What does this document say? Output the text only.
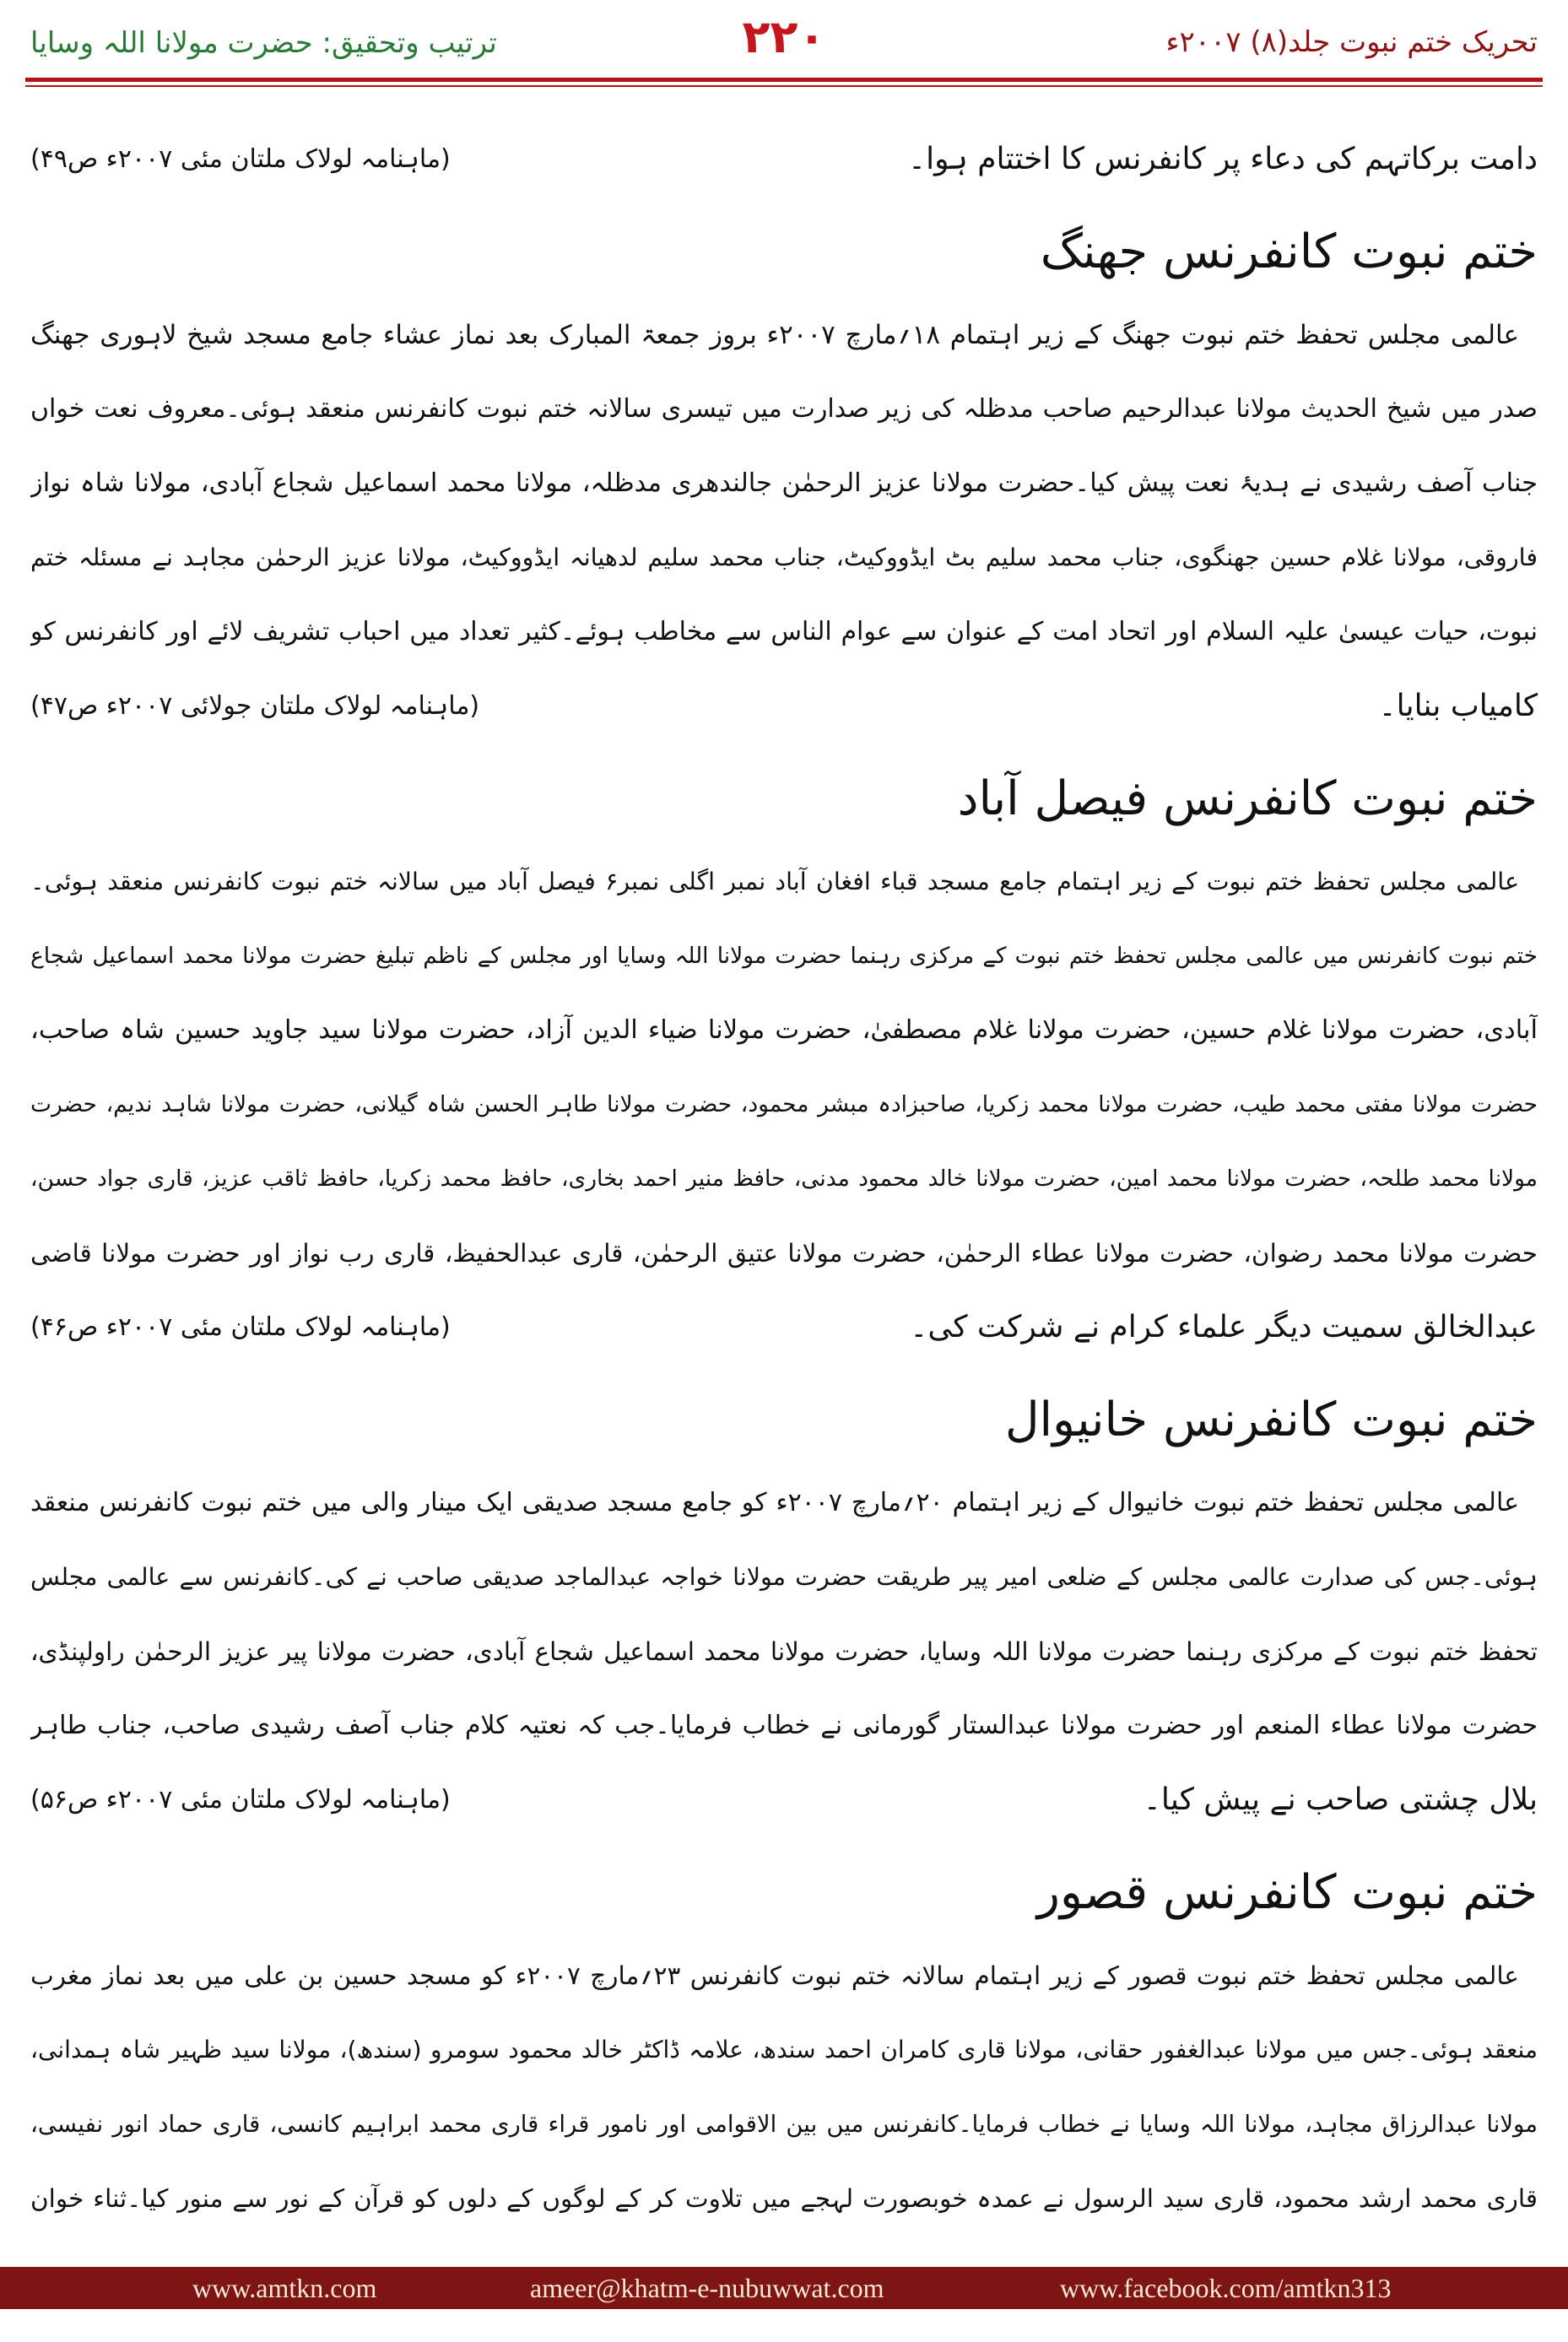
تحریک ختم نبوت جلد(۸) ۲۰۰۷ء
۲۲۰
ترتیب وتحقیق: حضرت مولانا اللہ وسایا
دامت برکاتہم کی دعاء پر کانفرنس کا اختتام ہوا۔
(ماہنامہ لولاک ملتان مئی ۲۰۰۷ء ص۴۹)
ختم نبوت کانفرنس جھنگ
عالمی مجلس تحفظ ختم نبوت جھنگ کے زیر اہتمام ۱۸؍مارچ ۲۰۰۷ء بروز جمعۃ المبارک بعد نماز عشاء جامع مسجد شیخ لاہوری جھنگ
صدر میں شیخ الحدیث مولانا عبدالرحیم صاحب مدظلہ کی زیر صدارت میں تیسری سالانہ ختم نبوت کانفرنس منعقد ہوئی۔معروف نعت خواں
جناب آصف رشیدی نے ہدیۂ نعت پیش کیا۔حضرت مولانا عزیز الرحمٰن جالندھری مدظلہ، مولانا محمد اسماعیل شجاع آبادی، مولانا شاہ نواز
فاروقی، مولانا غلام حسین جھنگوی، جناب محمد سلیم بٹ ایڈووکیٹ، جناب محمد سلیم لدھیانہ ایڈووکیٹ، مولانا عزیز الرحمٰن مجاہد نے مسئلہ ختم
نبوت، حیات عیسیٰ علیہ السلام اور اتحاد امت کے عنوان سے عوام الناس سے مخاطب ہوئے۔کثیر تعداد میں احباب تشریف لائے اور کانفرنس کو
کامیاب بنایا۔
(ماہنامہ لولاک ملتان جولائی ۲۰۰۷ء ص۴۷)
ختم نبوت کانفرنس فیصل آباد
عالمی مجلس تحفظ ختم نبوت کے زیر اہتمام جامع مسجد قباء افغان آباد نمبر اگلی نمبر۶ فیصل آباد میں سالانہ ختم نبوت کانفرنس منعقد ہوئی۔
ختم نبوت کانفرنس میں عالمی مجلس تحفظ ختم نبوت کے مرکزی رہنما حضرت مولانا اللہ وسایا اور مجلس کے ناظم تبلیغ حضرت مولانا محمد اسماعیل شجاع
آبادی، حضرت مولانا غلام حسین، حضرت مولانا غلام مصطفیٰ، حضرت مولانا ضیاء الدین آزاد، حضرت مولانا سید جاوید حسین شاہ صاحب،
حضرت مولانا مفتی محمد طیب، حضرت مولانا محمد زکریا، صاحبزادہ مبشر محمود، حضرت مولانا طاہر الحسن شاہ گیلانی، حضرت مولانا شاہد ندیم، حضرت
مولانا محمد طلحہ، حضرت مولانا محمد امین، حضرت مولانا خالد محمود مدنی، حافظ منیر احمد بخاری، حافظ محمد زکریا، حافظ ثاقب عزیز، قاری جواد حسن،
حضرت مولانا محمد رضوان، حضرت مولانا عطاء الرحمٰن، حضرت مولانا عتیق الرحمٰن، قاری عبدالحفیظ، قاری رب نواز اور حضرت مولانا قاضی
عبدالخالق سمیت دیگر علماء کرام نے شرکت کی۔
(ماہنامہ لولاک ملتان مئی ۲۰۰۷ء ص۴۶)
ختم نبوت کانفرنس خانیوال
عالمی مجلس تحفظ ختم نبوت خانیوال کے زیر اہتمام ۲۰؍مارچ ۲۰۰۷ء کو جامع مسجد صدیقی ایک مینار والی میں ختم نبوت کانفرنس منعقد
ہوئی۔جس کی صدارت عالمی مجلس کے ضلعی امیر پیر طریقت حضرت مولانا خواجہ عبدالماجد صدیقی صاحب نے کی۔کانفرنس سے عالمی مجلس
تحفظ ختم نبوت کے مرکزی رہنما حضرت مولانا اللہ وسایا، حضرت مولانا محمد اسماعیل شجاع آبادی، حضرت مولانا پیر عزیز الرحمٰن راولپنڈی،
حضرت مولانا عطاء المنعم اور حضرت مولانا عبدالستار گورمانی نے خطاب فرمایا۔جب کہ نعتیہ کلام جناب آصف رشیدی صاحب، جناب طاہر
بلال چشتی صاحب نے پیش کیا۔
(ماہنامہ لولاک ملتان مئی ۲۰۰۷ء ص۵۶)
ختم نبوت کانفرنس قصور
عالمی مجلس تحفظ ختم نبوت قصور کے زیر اہتمام سالانہ ختم نبوت کانفرنس ۲۳؍مارچ ۲۰۰۷ء کو مسجد حسین بن علی میں بعد نماز مغرب
منعقد ہوئی۔جس میں مولانا عبدالغفور حقانی، مولانا قاری کامران احمد سندھ، علامہ ڈاکٹر خالد محمود سومرو (سندھ)، مولانا سید ظہیر شاہ ہمدانی،
مولانا عبدالرزاق مجاہد، مولانا اللہ وسایا نے خطاب فرمایا۔کانفرنس میں بین الاقوامی اور نامور قراء قاری محمد ابراہیم کانسی، قاری حماد انور نفیسی،
قاری محمد ارشد محمود، قاری سید الرسول نے عمدہ خوبصورت لہجے میں تلاوت کر کے لوگوں کے دلوں کو قرآن کے نور سے منور کیا۔ثناء خوان
www.amtkn.com	ameer@khatm-e-nubuwwat.com	www.facebook.com/amtkn313
